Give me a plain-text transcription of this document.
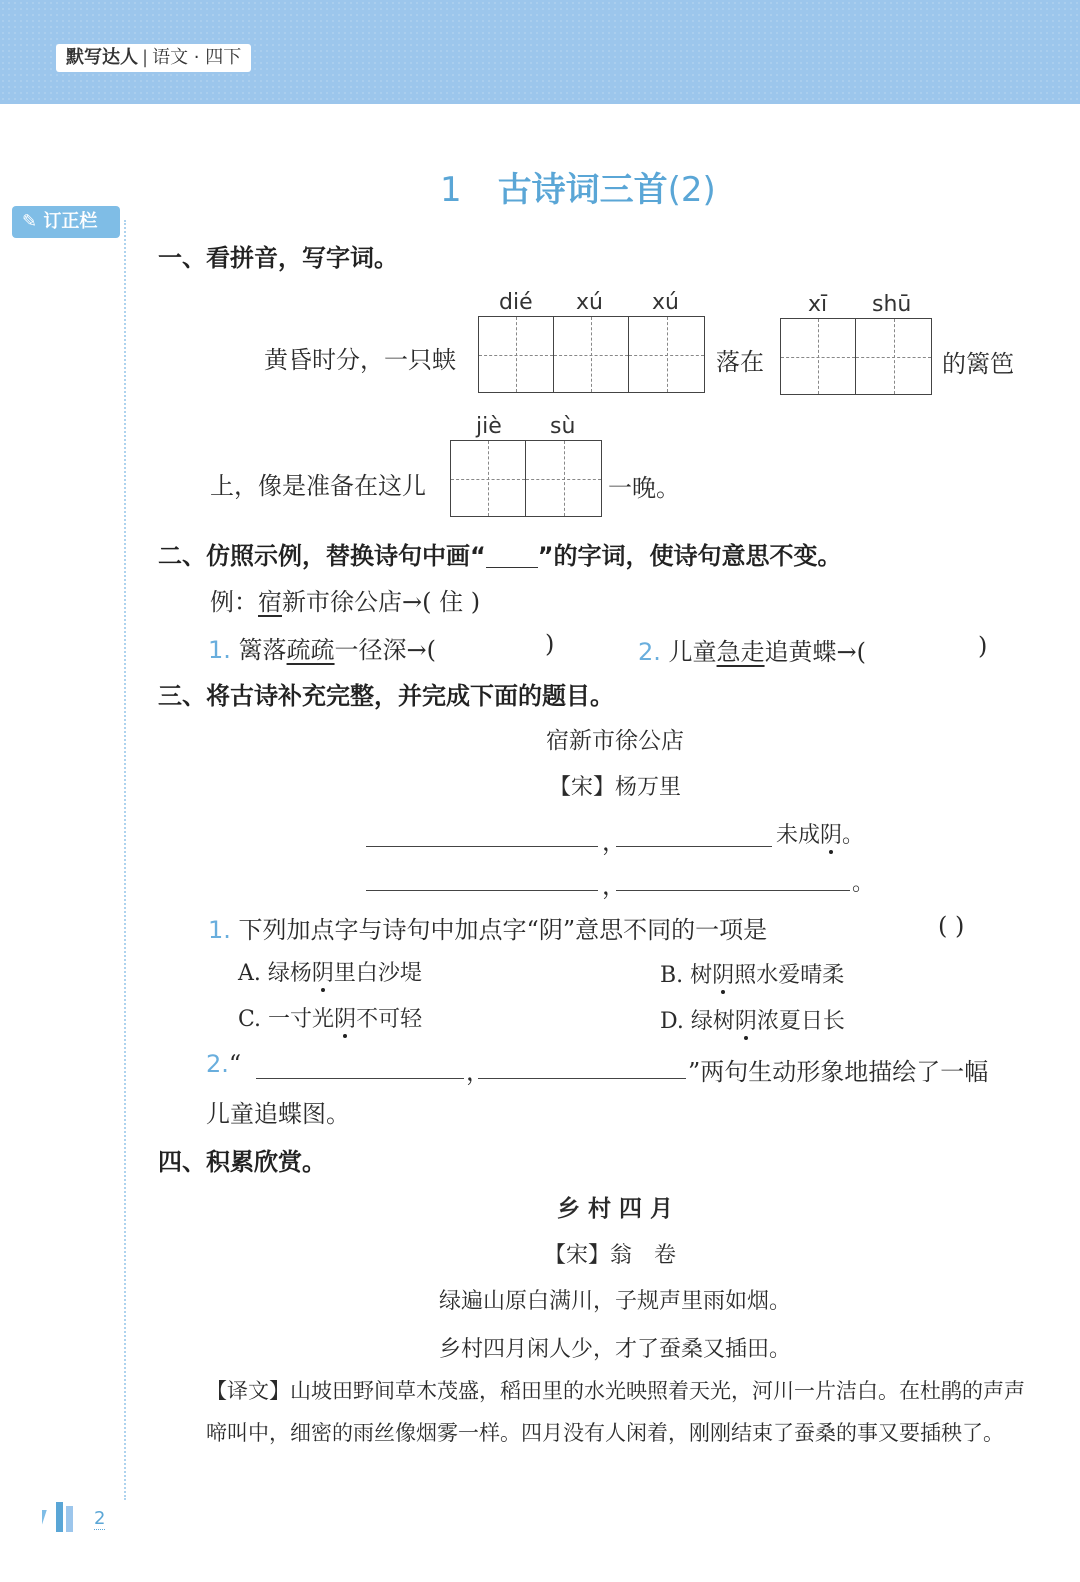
默写达人 | 语文 · 四下
1 古诗词三首(2)
✎ 订正栏
一、看拼音，写字词。
dié xú xú	xī shū
黄昏时分，一只蛱	落在	的篱笆
jiè sù
上，像是准备在这儿	一晚。
二、仿照示例，替换诗句中画“ ”的字词，使诗句意思不变。
例：宿新市徐公店→( 住 )
1. 篱落疏疏一径深→(	)	2. 儿童急走追黄蝶→(	)
三、将古诗补充完整，并完成下面的题目。
宿新市徐公店
【宋】杨万里
，	未成阴。
，	。
1. 下列加点字与诗句中加点字“阴”意思不同的一项是	( )
A. 绿杨阴里白沙堤	B. 树阴照水爱晴柔
C. 一寸光阴不可轻	D. 绿树阴浓夏日长
2.“	，	”两句生动形象地描绘了一幅
儿童追蝶图。
四、积累欣赏。
乡 村 四 月
【宋】翁　卷
绿遍山原白满川，子规声里雨如烟。
乡村四月闲人少，才了蚕桑又插田。
【译文】山坡田野间草木茂盛，稻田里的水光映照着天光，河川一片洁白。在杜鹃的声声啼叫中，细密的雨丝像烟雾一样。四月没有人闲着，刚刚结束了蚕桑的事又要插秧了。
2
